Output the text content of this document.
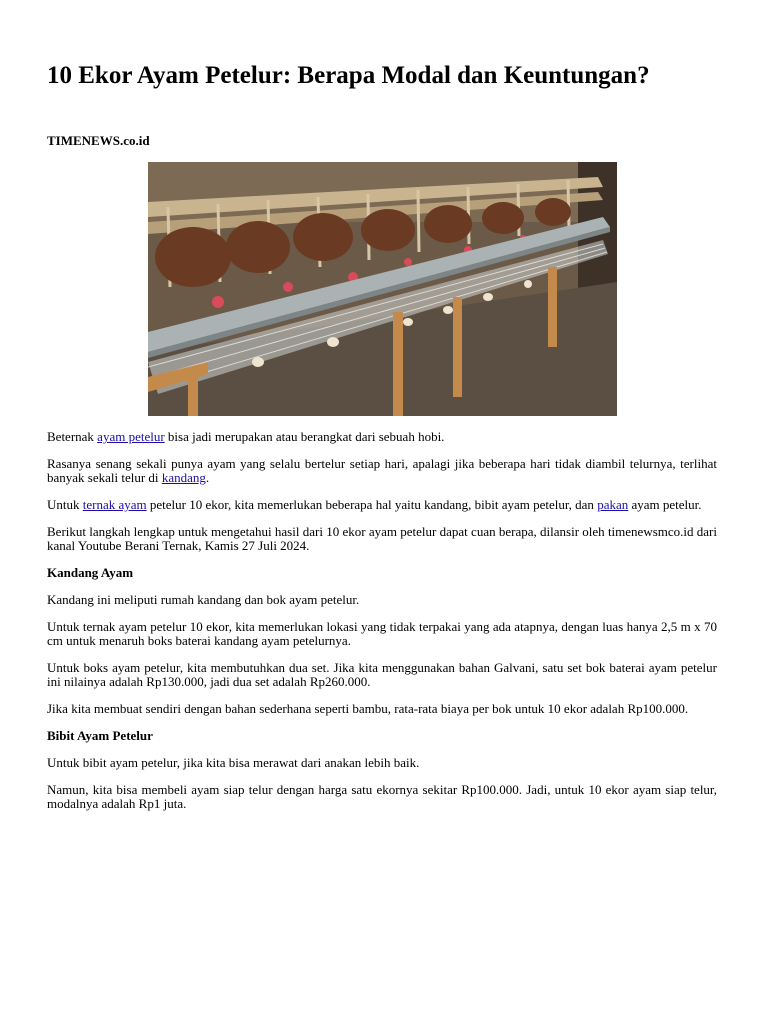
10 Ekor Ayam Petelur: Berapa Modal dan Keuntungan?
TIMENEWS.co.id

Beternak ayam petelur bisa jadi merupakan atau berangkat dari sebuah hobi.

Rasanya senang sekali punya ayam yang selalu bertelur setiap hari, apalagi jika beberapa hari tidak diambil telurnya, terlihat banyak sekali telur di kandang.

Untuk ternak ayam petelur 10 ekor, kita memerlukan beberapa hal yaitu kandang, bibit ayam petelur, dan pakan ayam petelur.

Berikut langkah lengkap untuk mengetahui hasil dari 10 ekor ayam petelur dapat cuan berapa, dilansir oleh timenewsmco.id dari kanal Youtube Berani Ternak, Kamis 27 Juli 2024.

Kandang Ayam

Kandang ini meliputi rumah kandang dan bok ayam petelur.

Untuk ternak ayam petelur 10 ekor, kita memerlukan lokasi yang tidak terpakai yang ada atapnya, dengan luas hanya 2,5 m x 70 cm untuk menaruh boks baterai kandang ayam petelurnya.

Untuk boks ayam petelur, kita membutuhkan dua set. Jika kita menggunakan bahan Galvani, satu set bok baterai ayam petelur ini nilainya adalah Rp130.000, jadi dua set adalah Rp260.000.

Jika kita membuat sendiri dengan bahan sederhana seperti bambu, rata-rata biaya per bok untuk 10 ekor adalah Rp100.000.

Bibit Ayam Petelur

Untuk bibit ayam petelur, jika kita bisa merawat dari anakan lebih baik.

Namun, kita bisa membeli ayam siap telur dengan harga satu ekornya sekitar Rp100.000. Jadi, untuk 10 ekor ayam siap telur, modalnya adalah Rp1 juta.
